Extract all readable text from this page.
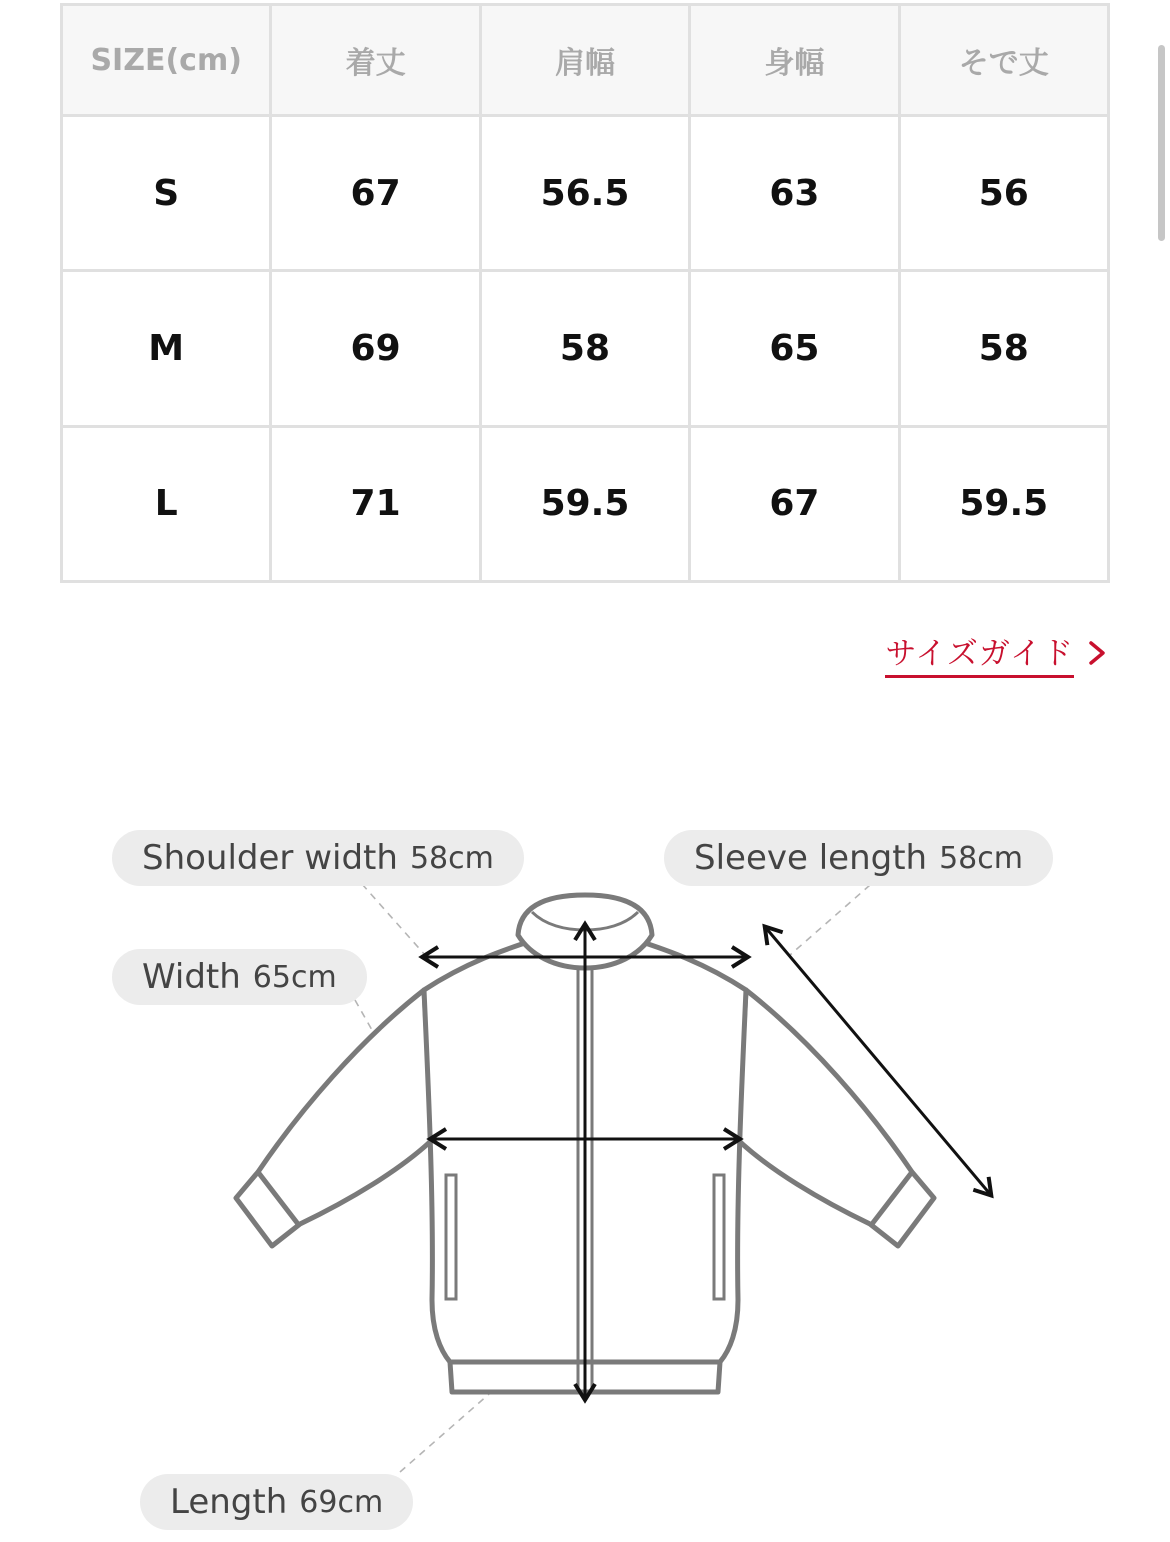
SIZE(cm)	着丈	肩幅	身幅	そで丈
S	67	56.5	63	56
M	69	58	65	58
L	71	59.5	67	59.5
サイズガイド
Shoulder width 58cm	Sleeve length 58cm
Width 65cm
Length 69cm
